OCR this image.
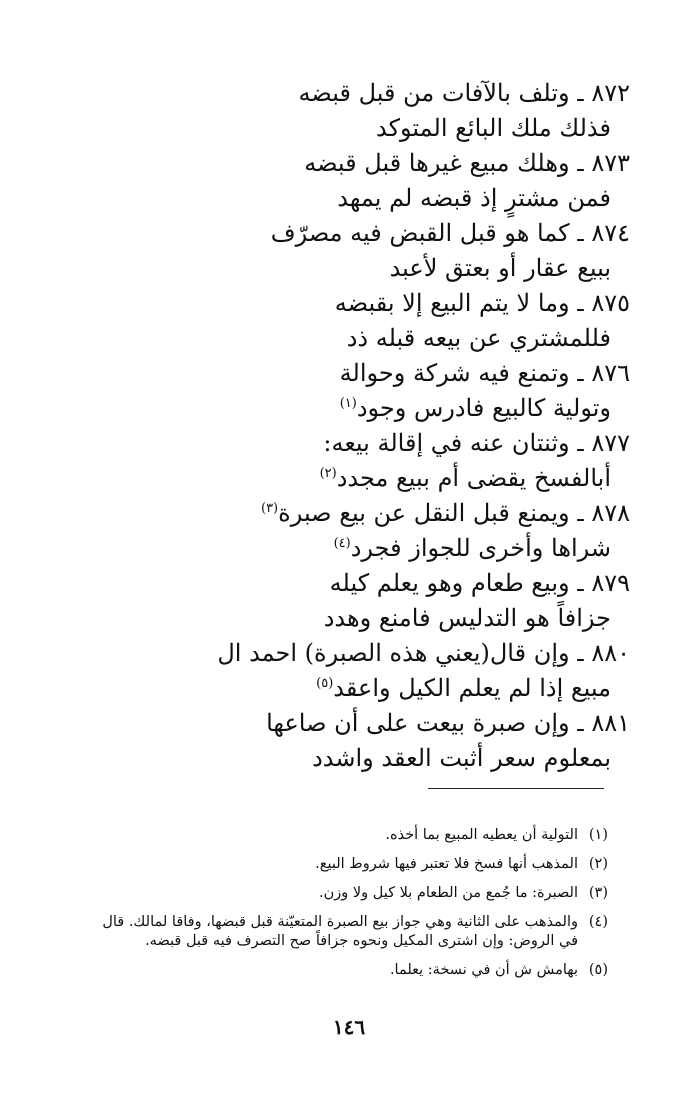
٨٧٢ ـ وتلف بالآفات من قبل قبضه
فذلك ملك البائع المتوكد
٨٧٣ ـ وهلك مبيع غيرها قبل قبضه
فمن مشترٍ إذ قبضه لم يمهد
٨٧٤ ـ كما هو قبل القبض فيه مصرّف
ببيع عقار أو بعتق لأعبد
٨٧٥ ـ وما لا يتم البيع إلا بقبضه
فللمشتري عن بيعه قبله ذد
٨٧٦ ـ وتمنع فيه شركة وحوالة
وتولية كالبيع فادرس وجود$^{(١)}$
٨٧٧ ـ وثنتان عنه في إقالة بيعه:
أبالفسخ يقضى أم ببيع مجدد$^{(٢)}$
٨٧٨ ـ ويمنع قبل النقل عن بيع صبرة$^{(٣)}$
شراها وأخرى للجواز فجرد$^{(٤)}$
٨٧٩ ـ وبيع طعام وهو يعلم كيله
جزافاً هو التدليس فامنع وهدد
٨٨٠ ـ وإن قال(يعني هذه الصبرة) احمد ال
مبيع إذا لم يعلم الكيل واعقد$^{(٥)}$
٨٨١ ـ وإن صبرة بيعت على أن صاعها
بمعلوم سعر أثبت العقد واشدد
(١)
التولية أن يعطيه المبيع بما أخذه.
(٢)
المذهب أنها فسخ فلا تعتبر فيها شروط البيع.
(٣)
الصبرة: ما جُمع من الطعام بلا كيل ولا وزن.
(٤)
والمذهب على الثانية وهي جواز بيع الصبرة المتعيّنة قبل قبضها، وفاقا لمالك. قال
في الروض: وإن اشترى المكيل ونحوه جزافاً صح التصرف فيه قبل قبضه.
(٥)
بهامش ش أن في نسخة: يعلما.
١٤٦
